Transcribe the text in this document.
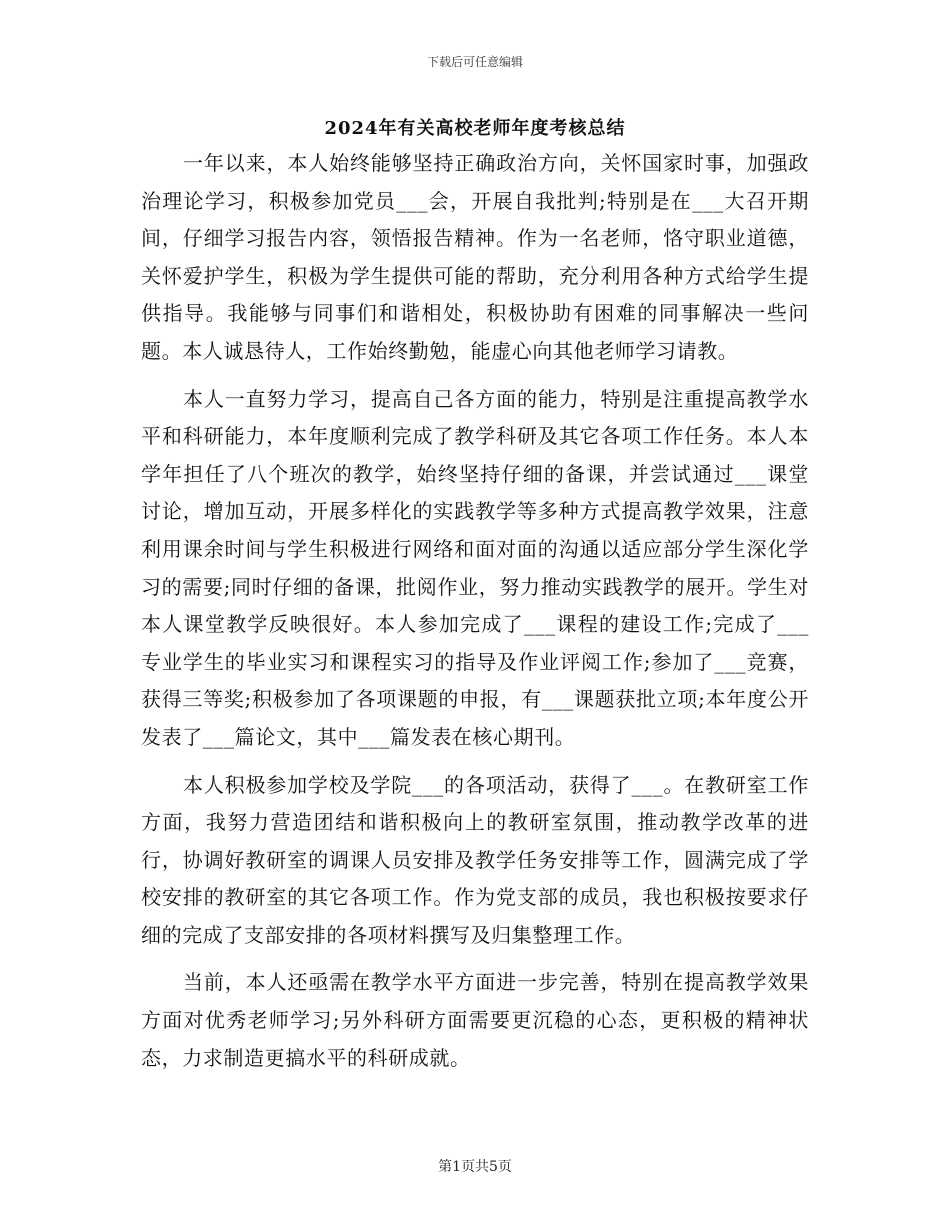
下载后可任意编辑
2024年有关高校老师年度考核总结

一年以来，本人始终能够坚持正确政治方向，关怀国家时事，加强政治理论学习，积极参加党员___会，开展自我批判;特别是在___大召开期间，仔细学习报告内容，领悟报告精神。作为一名老师，恪守职业道德，关怀爱护学生，积极为学生提供可能的帮助，充分利用各种方式给学生提供指导。我能够与同事们和谐相处，积极协助有困难的同事解决一些问题。本人诚恳待人，工作始终勤勉，能虚心向其他老师学习请教。

本人一直努力学习，提高自己各方面的能力，特别是注重提高教学水平和科研能力，本年度顺利完成了教学科研及其它各项工作任务。本人本学年担任了八个班次的教学，始终坚持仔细的备课，并尝试通过___课堂讨论，增加互动，开展多样化的实践教学等多种方式提高教学效果，注意利用课余时间与学生积极进行网络和面对面的沟通以适应部分学生深化学习的需要;同时仔细的备课，批阅作业，努力推动实践教学的展开。学生对本人课堂教学反映很好。本人参加完成了___课程的建设工作;完成了___专业学生的毕业实习和课程实习的指导及作业评阅工作;参加了___竞赛，获得三等奖;积极参加了各项课题的申报，有___课题获批立项;本年度公开发表了___篇论文，其中___篇发表在核心期刊。

本人积极参加学校及学院___的各项活动，获得了___。在教研室工作方面，我努力营造团结和谐积极向上的教研室氛围，推动教学改革的进行，协调好教研室的调课人员安排及教学任务安排等工作，圆满完成了学校安排的教研室的其它各项工作。作为党支部的成员，我也积极按要求仔细的完成了支部安排的各项材料撰写及归集整理工作。

当前，本人还亟需在教学水平方面进一步完善，特别在提高教学效果方面对优秀老师学习;另外科研方面需要更沉稳的心态，更积极的精神状态，力求制造更搞水平的科研成就。

第1页共5页
